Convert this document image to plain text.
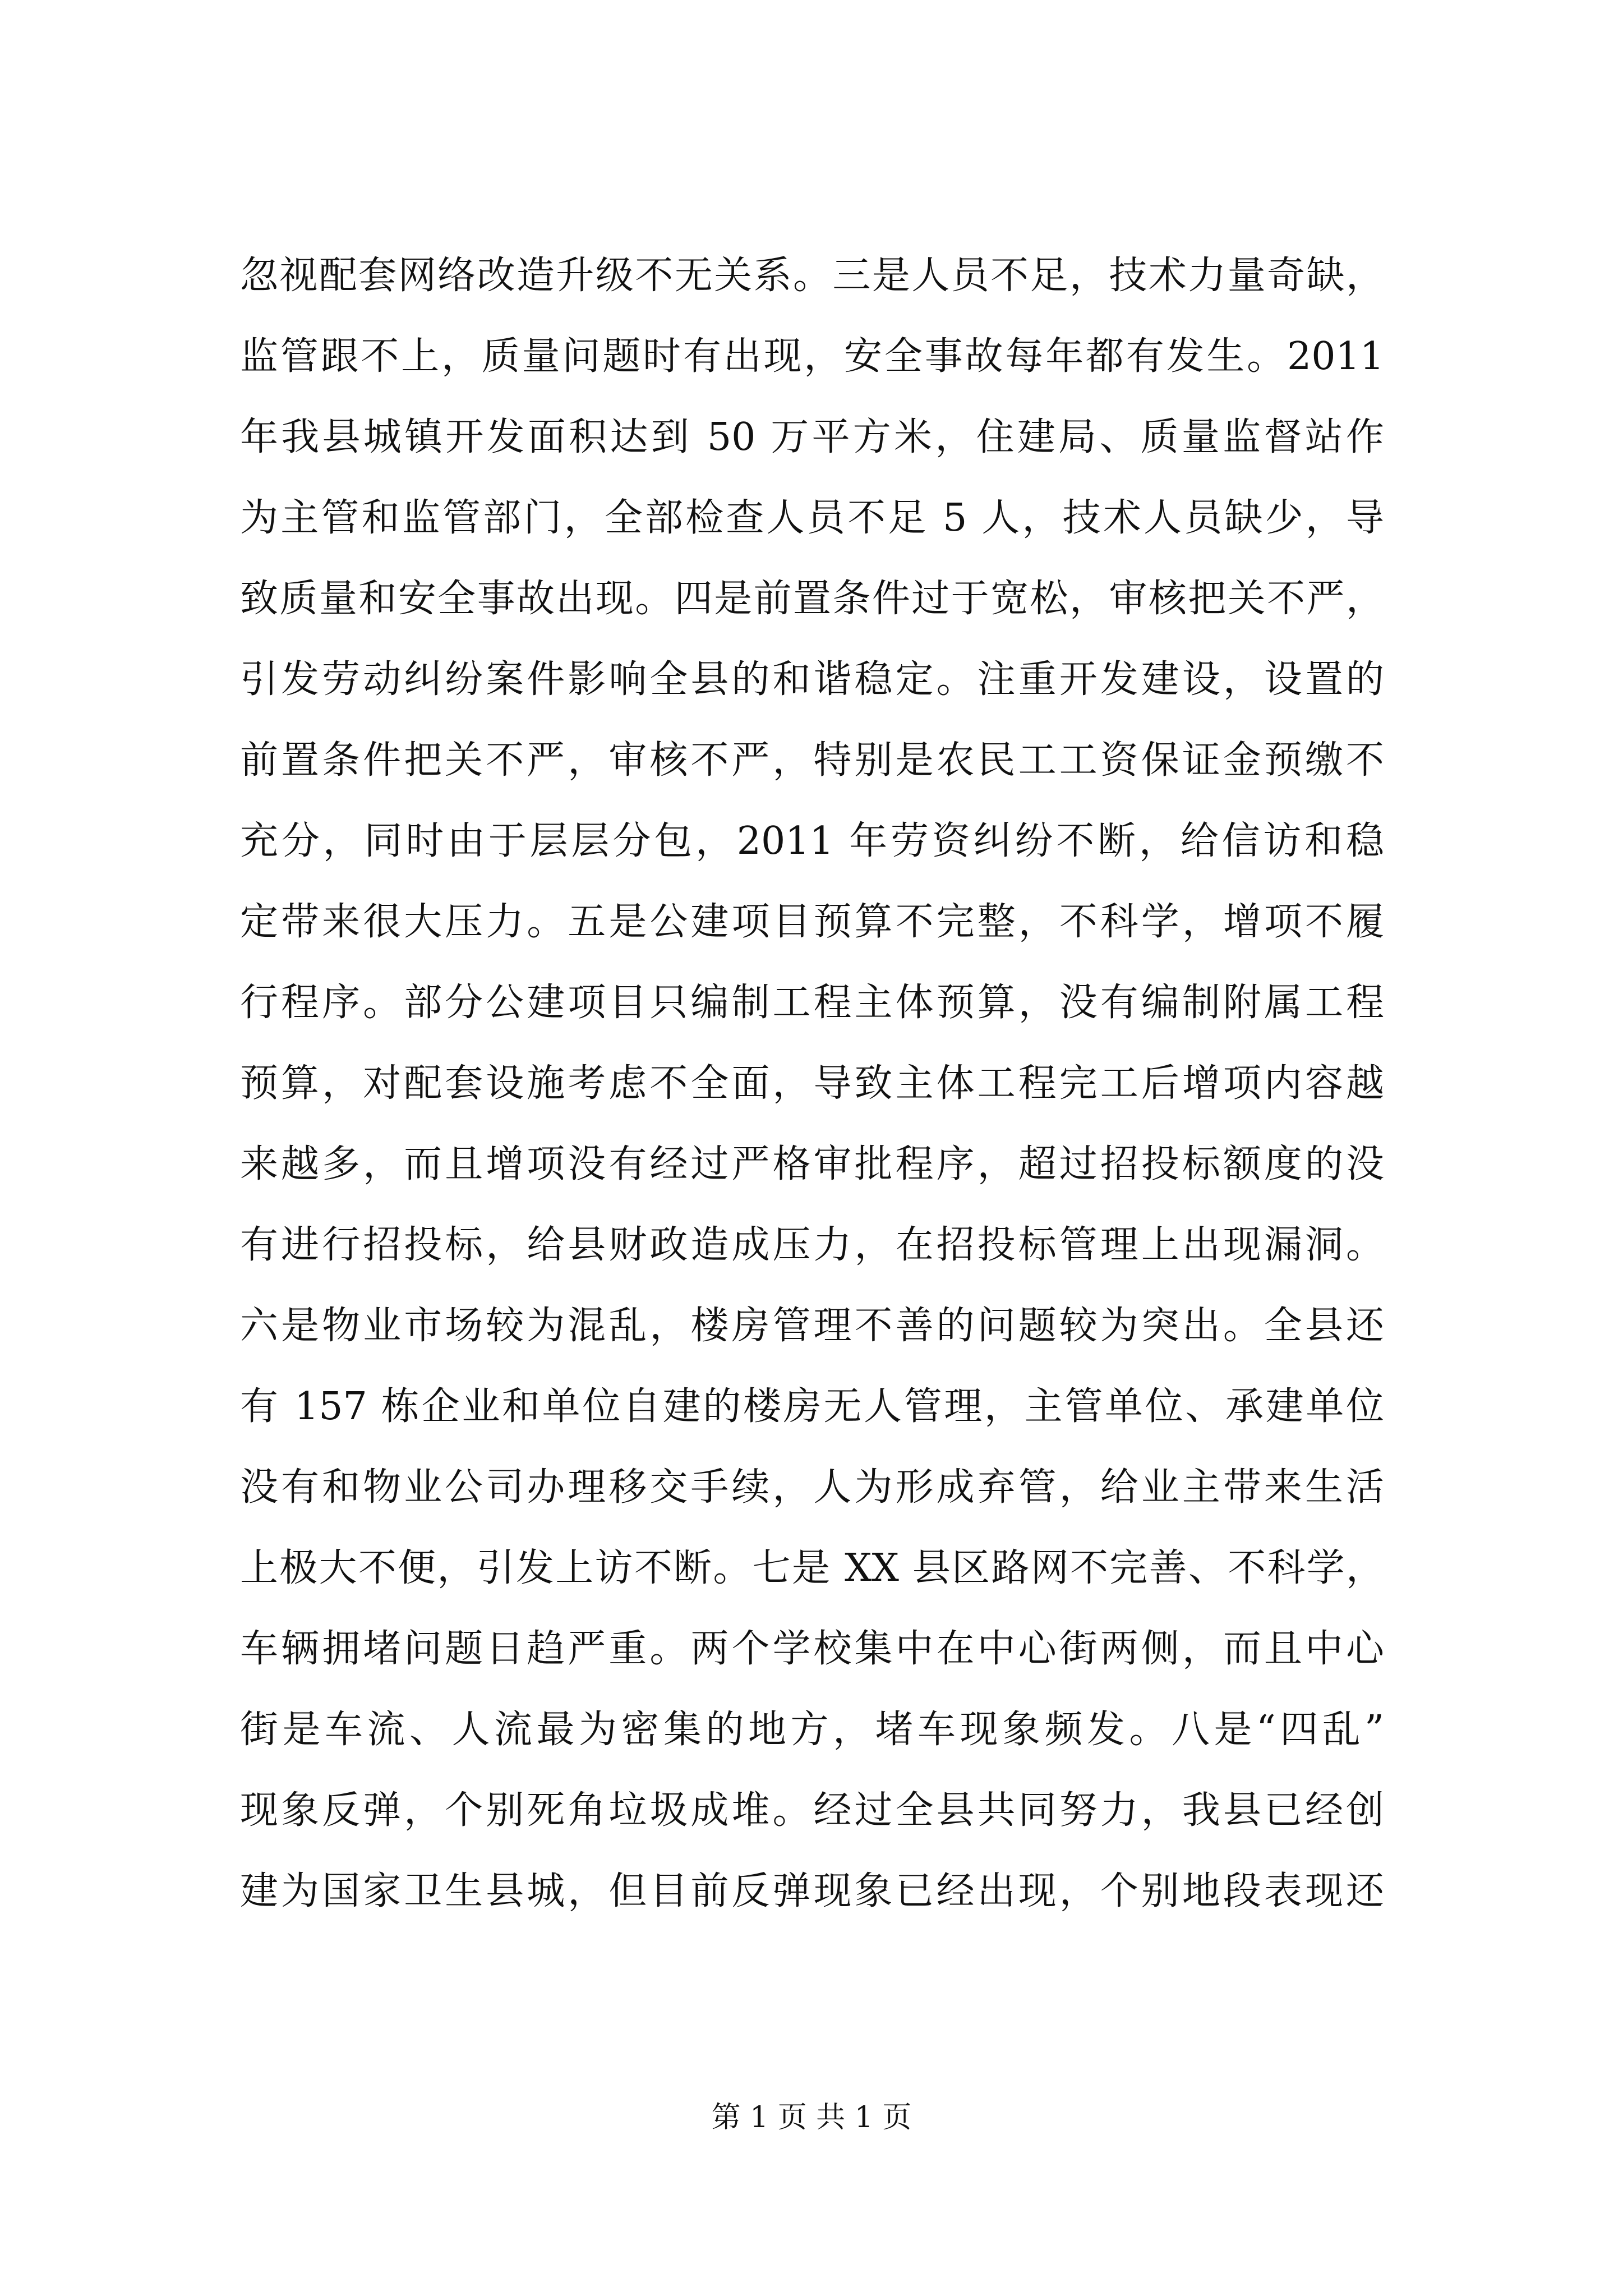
忽视配套网络改造升级不无关系。三是人员不足，技术力量奇缺，
监管跟不上，质量问题时有出现，安全事故每年都有发生。2011
年我县城镇开发面积达到 50 万平方米，住建局、质量监督站作
为主管和监管部门，全部检查人员不足 5 人，技术人员缺少，导
致质量和安全事故出现。四是前置条件过于宽松，审核把关不严，
引发劳动纠纷案件影响全县的和谐稳定。注重开发建设，设置的
前置条件把关不严，审核不严，特别是农民工工资保证金预缴不
充分，同时由于层层分包，2011 年劳资纠纷不断，给信访和稳
定带来很大压力。五是公建项目预算不完整，不科学，增项不履
行程序。部分公建项目只编制工程主体预算，没有编制附属工程
预算，对配套设施考虑不全面，导致主体工程完工后增项内容越
来越多，而且增项没有经过严格审批程序，超过招投标额度的没
有进行招投标，给县财政造成压力，在招投标管理上出现漏洞。
六是物业市场较为混乱，楼房管理不善的问题较为突出。全县还
有 157 栋企业和单位自建的楼房无人管理，主管单位、承建单位
没有和物业公司办理移交手续，人为形成弃管，给业主带来生活
上极大不便，引发上访不断。七是 XX 县区路网不完善、不科学，
车辆拥堵问题日趋严重。两个学校集中在中心街两侧，而且中心
街是车流、人流最为密集的地方，堵车现象频发。八是“四乱”
现象反弹，个别死角垃圾成堆。经过全县共同努力，我县已经创
建为国家卫生县城，但目前反弹现象已经出现，个别地段表现还
第 1 页 共 1 页
